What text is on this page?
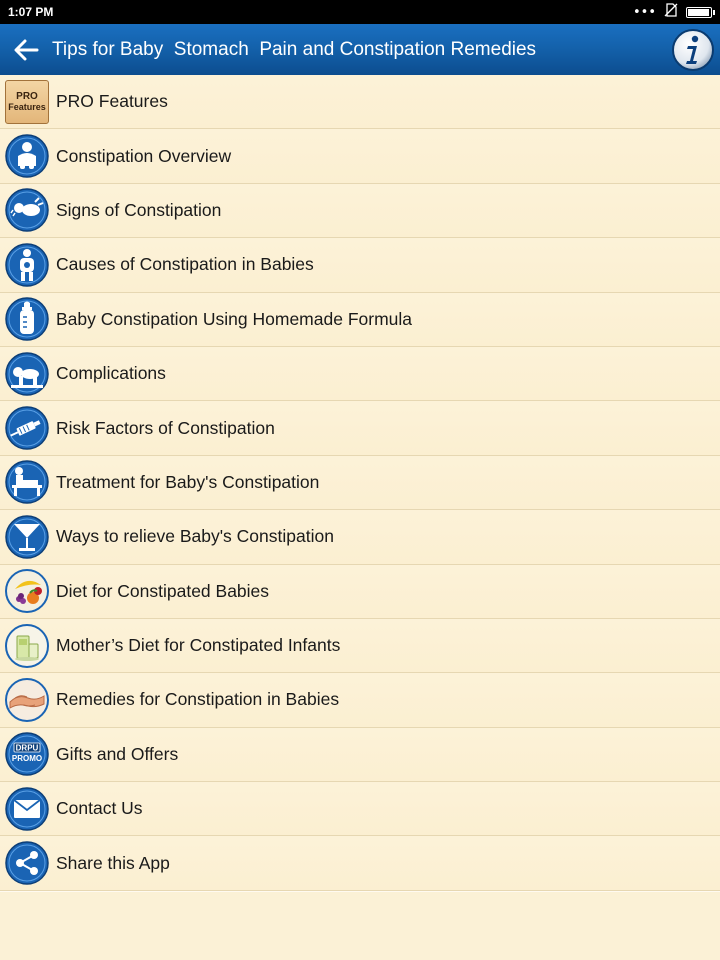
1:07 PM	•••
Tips for Baby  Stomach  Pain and Constipation Remedies
PRO
Features PRO Features
Constipation Overview
Signs of Constipation
Causes of Constipation in Babies
Baby Constipation Using Homemade Formula
Complications
Risk Factors of Constipation
Treatment for Baby's Constipation
Ways to relieve Baby's Constipation
Diet for Constipated Babies
Mother’s Diet for Constipated Infants
Remedies for Constipation in Babies
DRPU
PROMO Gifts and Offers
Contact Us
Share this App
